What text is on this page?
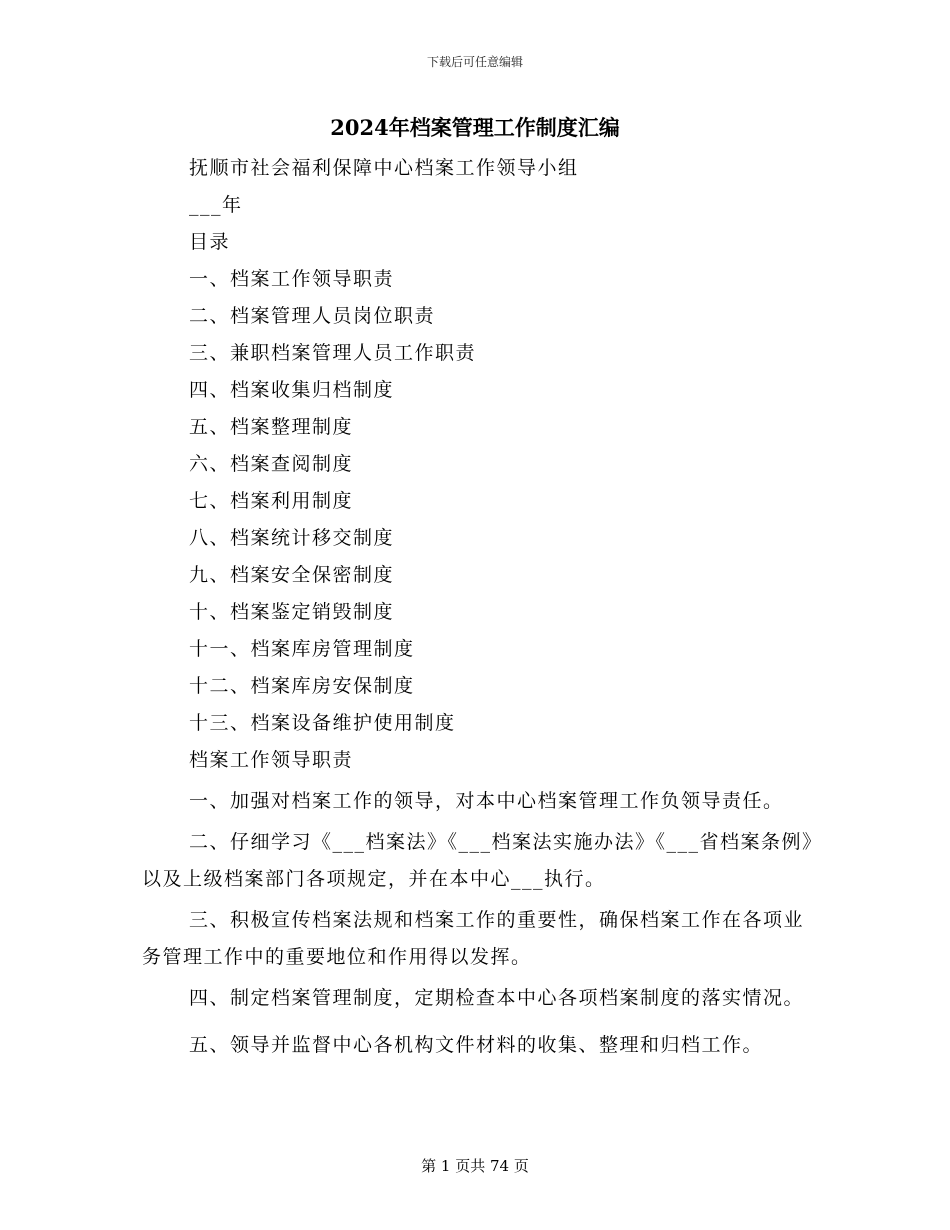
下载后可任意编辑
2024年档案管理工作制度汇编
抚顺市社会福利保障中心档案工作领导小组
___年
目录
一、档案工作领导职责
二、档案管理人员岗位职责
三、兼职档案管理人员工作职责
四、档案收集归档制度
五、档案整理制度
六、档案查阅制度
七、档案利用制度
八、档案统计移交制度
九、档案安全保密制度
十、档案鉴定销毁制度
十一、档案库房管理制度
十二、档案库房安保制度
十三、档案设备维护使用制度
档案工作领导职责

一、加强对档案工作的领导，对本中心档案管理工作负领导责任。

二、仔细学习《___档案法》《___档案法实施办法》《___省档案条例》以及上级档案部门各项规定，并在本中心___执行。

三、积极宣传档案法规和档案工作的重要性，确保档案工作在各项业务管理工作中的重要地位和作用得以发挥。

四、制定档案管理制度，定期检查本中心各项档案制度的落实情况。

五、领导并监督中心各机构文件材料的收集、整理和归档工作。

第 1 页共 74 页
